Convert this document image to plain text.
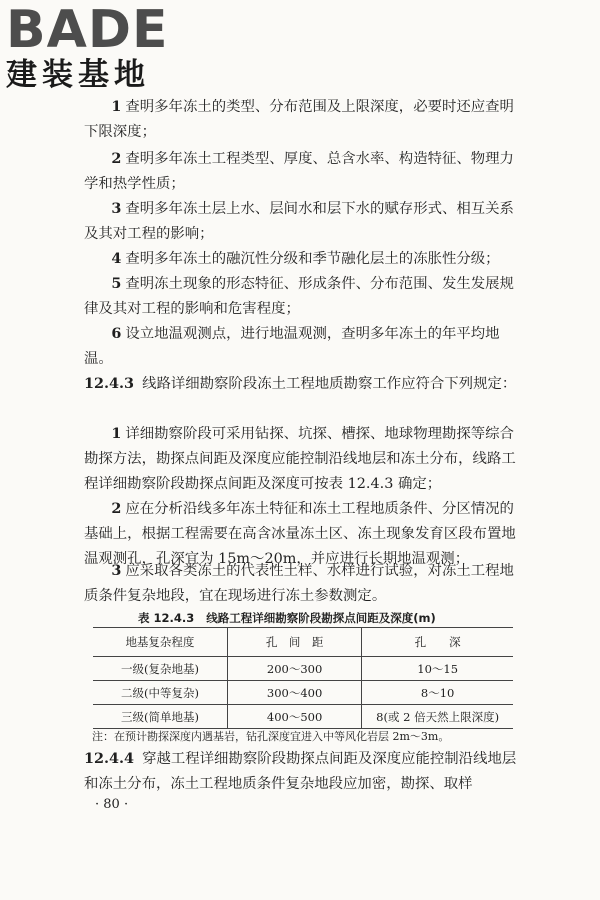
BADE
建装基地

1 查明多年冻土的类型、分布范围及上限深度，必要时还应查明下限深度；

2 查明多年冻土工程类型、厚度、总含水率、构造特征、物理力学和热学性质；

3 查明多年冻土层上水、层间水和层下水的赋存形式、相互关系及其对工程的影响；

4 查明多年冻土的融沉性分级和季节融化层土的冻胀性分级；

5 查明冻土现象的形态特征、形成条件、分布范围、发生发展规律及其对工程的影响和危害程度；

6 设立地温观测点，进行地温观测，查明多年冻土的年平均地温。

12.4.3 线路详细勘察阶段冻土工程地质勘察工作应符合下列规定：

1 详细勘察阶段可采用钻探、坑探、槽探、地球物理勘探等综合勘探方法，勘探点间距及深度应能控制沿线地层和冻土分布，线路工程详细勘察阶段勘探点间距及深度可按表 12.4.3 确定；

2 应在分析沿线多年冻土特征和冻土工程地质条件、分区情况的基础上，根据工程需要在高含冰量冻土区、冻土现象发育区段布置地温观测孔，孔深宜为 15m～20m，并应进行长期地温观测；

3 应采取各类冻土的代表性土样、水样进行试验，对冻土工程地质条件复杂地段，宜在现场进行冻土参数测定。

表 12.4.3 线路工程详细勘察阶段勘探点间距及深度(m)
地基复杂程度	孔　间　距	孔　　深
一级(复杂地基)	200～300	10～15
二级(中等复杂)	300～400	8～10
三级(简单地基)	400～500	8(或 2 倍天然上限深度)
注：在预计勘探深度内遇基岩，钻孔深度宜进入中等风化岩层 2m～3m。

12.4.4 穿越工程详细勘察阶段勘探点间距及深度应能控制沿线地层和冻土分布，冻土工程地质条件复杂地段应加密，勘探、取样

· 80 ·
